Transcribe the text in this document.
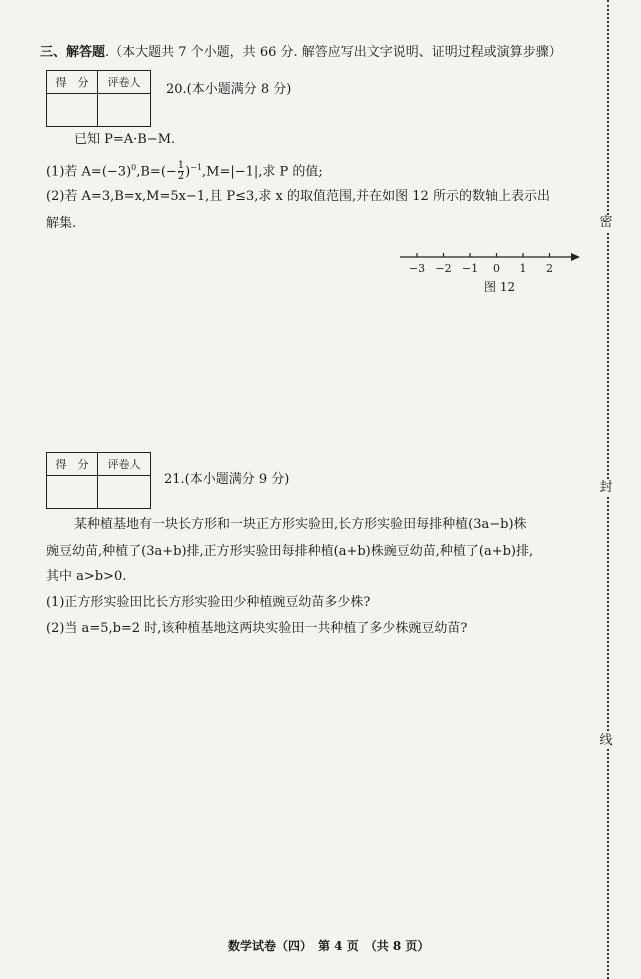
三、解答题.（本大题共 7 个小题，共 66 分. 解答应写出文字说明、证明过程或演算步骤）
得　分	评卷人
	20.(本小题满分 8 分)
已知 P=A·B−M.
(1)若 $A=(-3)^0,B=(- \frac{1}{2} )^{-1},M=|-1|$,求 P 的值;
(2)若 A=3,B=x,M=5x−1,且 P≤3,求 x 的取值范围,并在如图 12 所示的数轴上表示出
解集.
−3 −2 −1 0 1 2
图 12
得　分	评卷人

21.(本小题满分 9 分)
某种植基地有一块长方形和一块正方形实验田,长方形实验田每排种植(3a−b)株
豌豆幼苗,种植了(3a+b)排,正方形实验田每排种植(a+b)株豌豆幼苗,种植了(a+b)排,
其中 a>b>0.
(1)正方形实验田比长方形实验田少种植豌豆幼苗多少株?
(2)当 a=5,b=2 时,该种植基地这两块实验田一共种植了多少株豌豆幼苗?
数学试卷（四）　第 4 页　（共 8 页）
密
封
线
